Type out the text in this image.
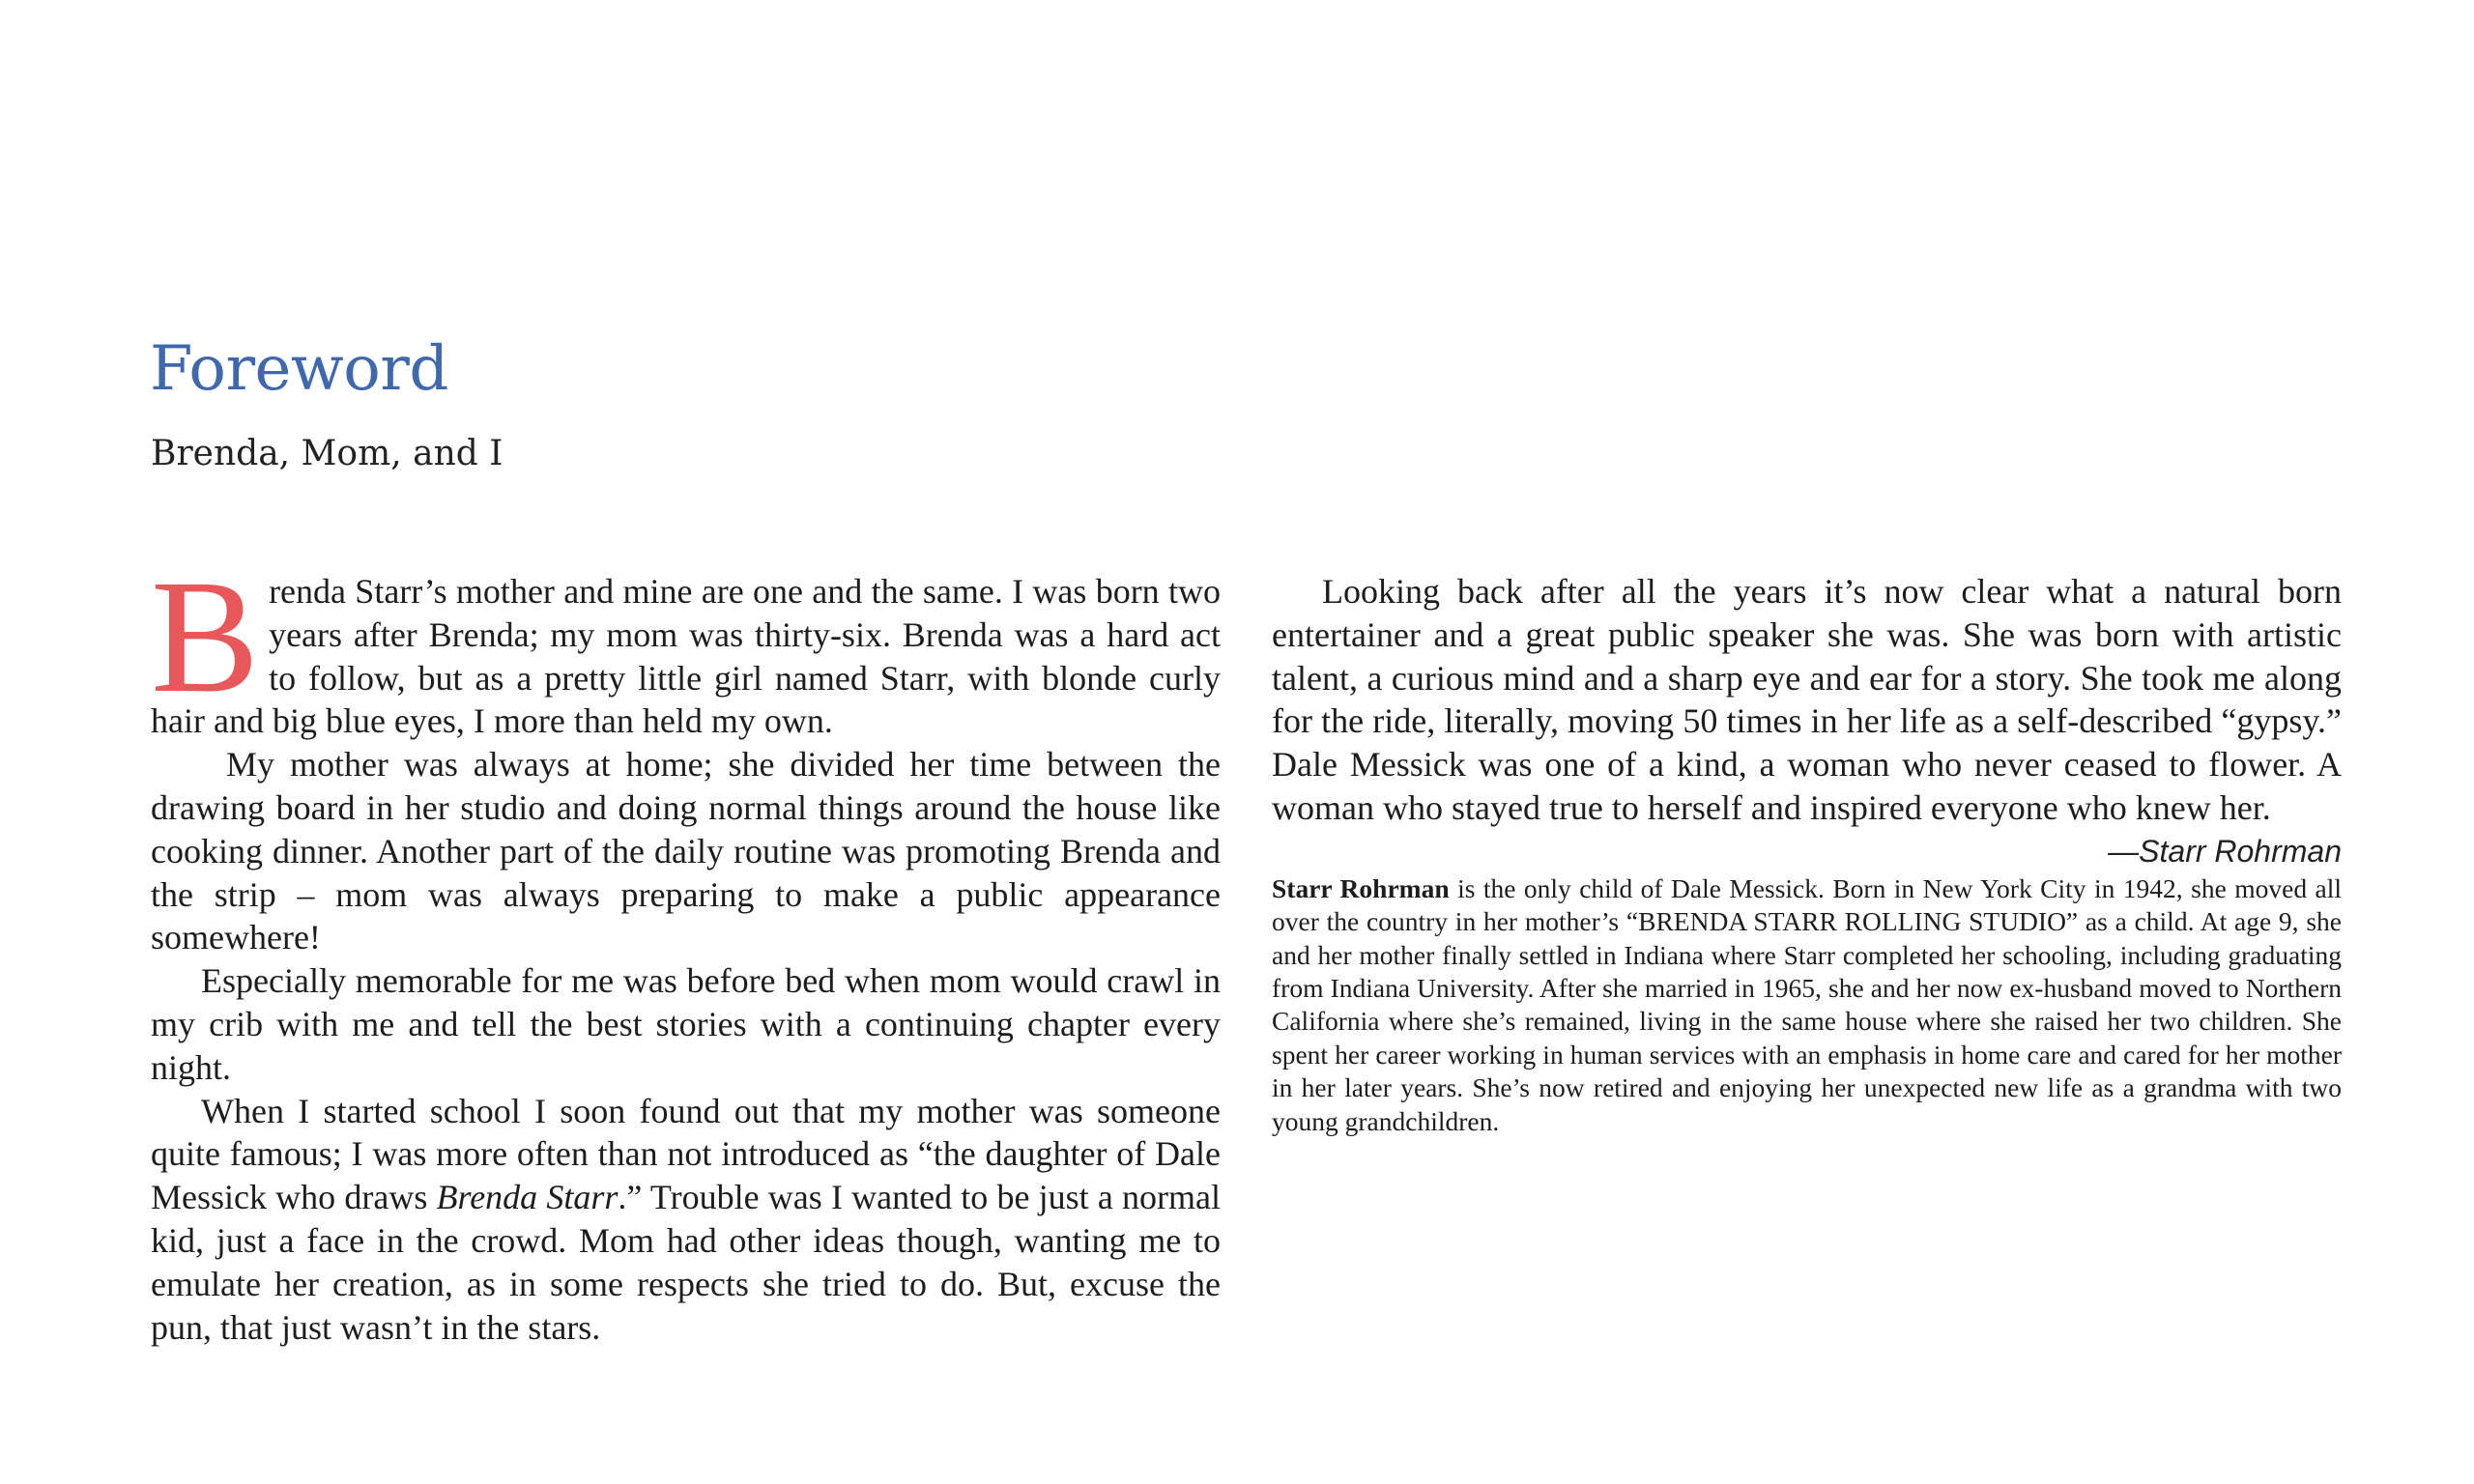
Foreword
Brenda, Mom, and I

Brenda Starr’s mother and mine are one and the same. I was born two years after Brenda; my mom was thirty-six. Brenda was a hard act to follow, but as a pretty little girl named Starr, with blonde curly hair and big blue eyes, I more than held my own.

My mother was always at home; she divided her time between the drawing board in her studio and doing normal things around the house like cooking dinner. Another part of the daily routine was promoting Brenda and the strip – mom was always preparing to make a public appearance somewhere!

Especially memorable for me was before bed when mom would crawl in my crib with me and tell the best stories with a continuing chapter every night.

When I started school I soon found out that my mother was someone quite famous; I was more often than not introduced as “the daughter of Dale Messick who draws Brenda Starr.” Trouble was I wanted to be just a normal kid, just a face in the crowd. Mom had other ideas though, wanting me to emulate her creation, as in some respects she tried to do. But, excuse the pun, that just wasn’t in the stars.

Looking back after all the years it’s now clear what a natural born entertainer and a great public speaker she was. She was born with artistic talent, a curious mind and a sharp eye and ear for a story. She took me along for the ride, literally, moving 50 times in her life as a self-described “gypsy.” Dale Messick was one of a kind, a woman who never ceased to flower. A woman who stayed true to herself and inspired everyone who knew her.

—Starr Rohrman

Starr Rohrman is the only child of Dale Messick. Born in New York City in 1942, she moved all over the country in her mother’s “BRENDA STARR ROLLING STUDIO” as a child. At age 9, she and her mother finally settled in Indiana where Starr completed her schooling, including graduating from Indiana University. After she married in 1965, she and her now ex-husband moved to Northern California where she’s remained, living in the same house where she raised her two children. She spent her career working in human services with an emphasis in home care and cared for her mother in her later years. She’s now retired and enjoying her unexpected new life as a grandma with two young grandchildren.
